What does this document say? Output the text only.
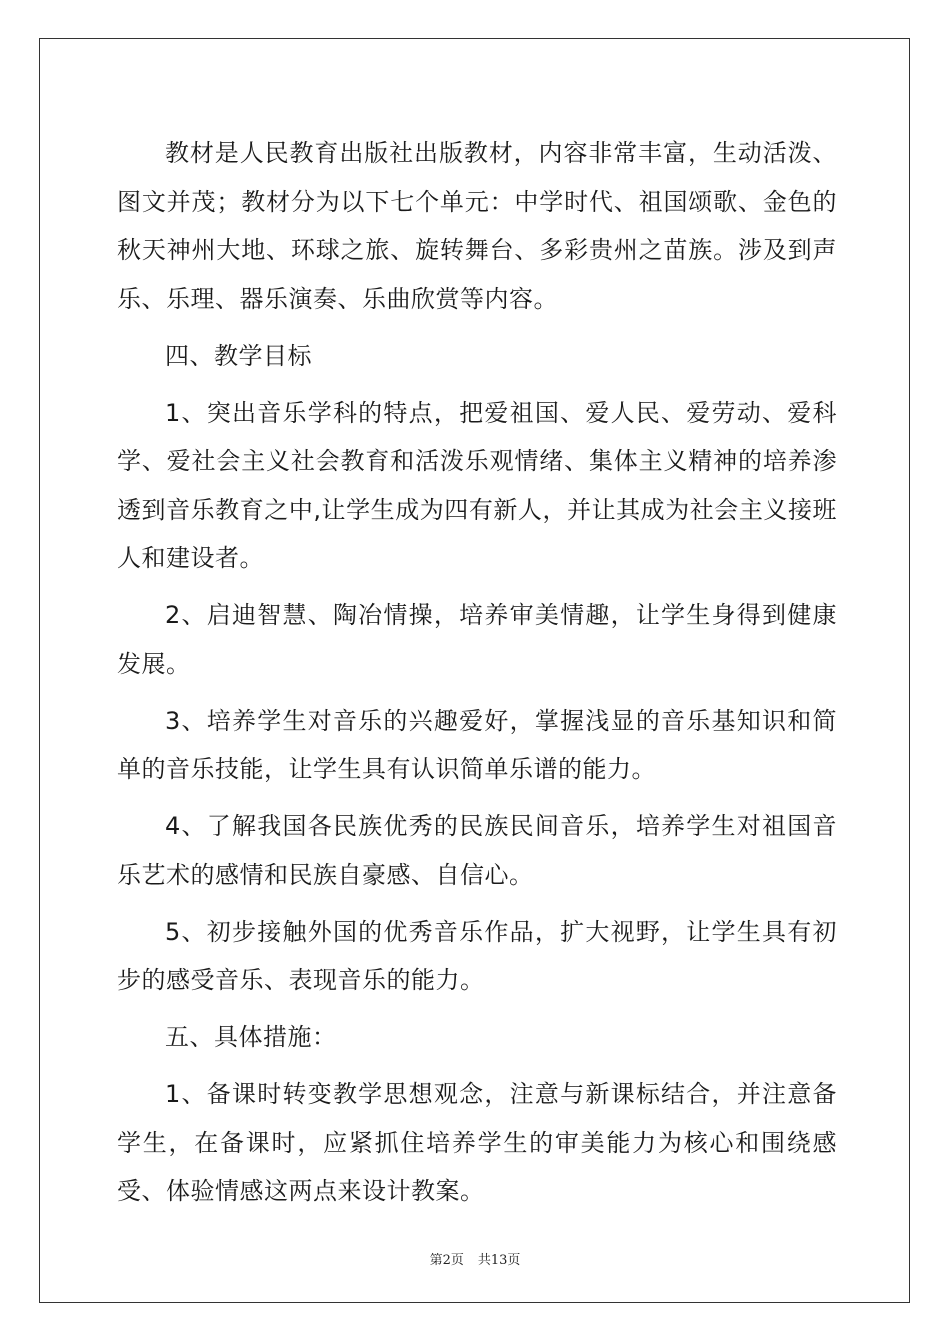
教材是人民教育出版社出版教材，内容非常丰富，生动活泼、图文并茂；教材分为以下七个单元：中学时代、祖国颂歌、金色的秋天神州大地、环球之旅、旋转舞台、多彩贵州之苗族。涉及到声乐、乐理、器乐演奏、乐曲欣赏等内容。

四、教学目标

1、突出音乐学科的特点，把爱祖国、爱人民、爱劳动、爱科学、爱社会主义社会教育和活泼乐观情绪、集体主义精神的培养渗透到音乐教育之中,让学生成为四有新人，并让其成为社会主义接班人和建设者。

2、启迪智慧、陶冶情操，培养审美情趣，让学生身得到健康发展。

3、培养学生对音乐的兴趣爱好，掌握浅显的音乐基知识和简单的音乐技能，让学生具有认识简单乐谱的能力。

4、了解我国各民族优秀的民族民间音乐，培养学生对祖国音乐艺术的感情和民族自豪感、自信心。

5、初步接触外国的优秀音乐作品，扩大视野，让学生具有初步的感受音乐、表现音乐的能力。

五、具体措施：

1、备课时转变教学思想观念，注意与新课标结合，并注意备学生，在备课时，应紧抓住培养学生的审美能力为核心和围绕感受、体验情感这两点来设计教案。

第2页 共13页
